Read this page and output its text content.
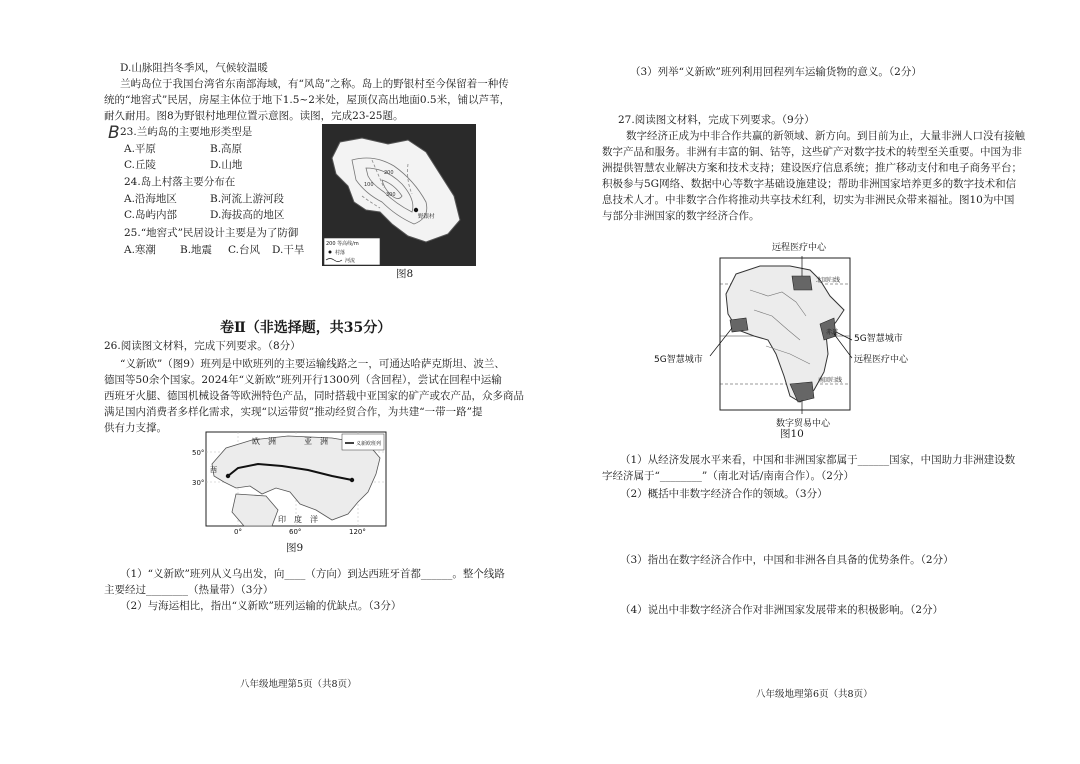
D.山脉阻挡冬季风，气候较温暖

兰屿岛位于我国台湾省东南部海域，有“风岛”之称。岛上的野银村至今保留着一种传

统的“地窖式”民居，房屋主体位于地下1.5~2米处，屋顶仅高出地面0.5米，铺以芦苇，

耐久耐用。图8为野银村地理位置示意图。读图，完成23-25题。

B 23.兰屿岛的主要地形类型是

A.平原	B.高原
C.丘陵	D.山地

24.岛上村落主要分布在

A.沿海地区	B.河流上游河段
C.岛屿内部	D.海拔高的地区

25.“地窖式”民居设计主要是为了防御

A.寒潮 B.地震 C.台风 D.干旱
野银村
100
200
300
200 等高线/m
村落
河流

图8

卷Ⅱ（非选择题，共35分）

26.阅读图文材料，完成下列要求。（8分）

“义新欧”（图9）班列是中欧班列的主要运输线路之一，可通达哈萨克斯坦、波兰、

德国等50余个国家。2024年“义新欧”班列开行1300列（含回程），尝试在回程中运输

西班牙火腿、德国机械设备等欧洲特色产品，同时搭载中亚国家的矿产或农产品，众多商品

满足国内消费者多样化需求，实现“以运带贸”推动经贸合作，为共建“一带一路”提

供有力支撑。

欧　洲	亚　洲
印　度　洋
西
50°
30°
0°	60°	120°
义新欧班列

图9

（1）“义新欧”班列从义乌出发，向____（方向）到达西班牙首都______。整个线路

主要经过________（热量带）（3分）

（2）与海运相比，指出“义新欧”班列运输的优缺点。（3分）

八年级地理第5页（共8页）

（3）列举“义新欧”班列利用回程列车运输货物的意义。（2分）

27.阅读图文材料，完成下列要求。（9分）

数字经济正成为中非合作共赢的新领域、新方向。到目前为止，大量非洲人口没有接触

数字产品和服务。非洲有丰富的铜、钴等，这些矿产对数字技术的转型至关重要。中国为非

洲提供智慧农业解决方案和技术支持；建设医疗信息系统；推广移动支付和电子商务平台；

积极参与5G网络、数据中心等数字基础设施建设；帮助非洲国家培养更多的数字技术和信

息技术人才。中非数字合作将推动共享技术红利，切实为非洲民众带来福祉。图10为中国

与部分非洲国家的数字经济合作。

远程医疗中心
5G智慧城市
远程医疗中心
5G智慧城市
数字贸易中心
北回归线
赤道
南回归线

图10

（1）从经济发展水平来看，中国和非洲国家都属于______国家，中国助力非洲建设数

字经济属于“________”（南北对话/南南合作）。（2分）

（2）概括中非数字经济合作的领域。（3分）

（3）指出在数字经济合作中，中国和非洲各自具备的优势条件。（2分）

（4）说出中非数字经济合作对非洲国家发展带来的积极影响。（2分）

八年级地理第6页（共8页）
